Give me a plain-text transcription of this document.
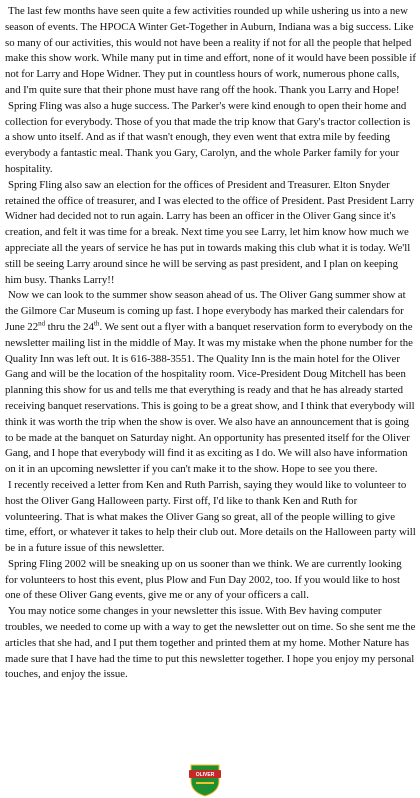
The last few months have seen quite a few activities rounded up while ushering us into a new season of events. The HPOCA Winter Get-Together in Auburn, Indiana was a big success. Like so many of our activities, this would not have been a reality if not for all the people that helped make this show work. While many put in time and effort, none of it would have been possible if not for Larry and Hope Widner. They put in countless hours of work, numerous phone calls, and I'm quite sure that their phone must have rang off the hook. Thank you Larry and Hope!

Spring Fling was also a huge success. The Parker's were kind enough to open their home and collection for everybody. Those of you that made the trip know that Gary's tractor collection is a show unto itself. And as if that wasn't enough, they even went that extra mile by feeding everybody a fantastic meal. Thank you Gary, Carolyn, and the whole Parker family for your hospitality.

Spring Fling also saw an election for the offices of President and Treasurer. Elton Snyder retained the office of treasurer, and I was elected to the office of President. Past President Larry Widner had decided not to run again. Larry has been an officer in the Oliver Gang since it's creation, and felt it was time for a break. Next time you see Larry, let him know how much we appreciate all the years of service he has put in towards making this club what it is today. We'll still be seeing Larry around since he will be serving as past president, and I plan on keeping him busy. Thanks Larry!!

Now we can look to the summer show season ahead of us. The Oliver Gang summer show at the Gilmore Car Museum is coming up fast. I hope everybody has marked their calendars for June 22nd thru the 24th. We sent out a flyer with a banquet reservation form to everybody on the newsletter mailing list in the middle of May. It was my mistake when the phone number for the Quality Inn was left out. It is 616-388-3551. The Quality Inn is the main hotel for the Oliver Gang and will be the location of the hospitality room. Vice-President Doug Mitchell has been planning this show for us and tells me that everything is ready and that he has already started receiving banquet reservations. This is going to be a great show, and I think that everybody will think it was worth the trip when the show is over. We also have an announcement that is going to be made at the banquet on Saturday night. An opportunity has presented itself for the Oliver Gang, and I hope that everybody will find it as exciting as I do. We will also have information on it in an upcoming newsletter if you can't make it to the show. Hope to see you there.

I recently received a letter from Ken and Ruth Parrish, saying they would like to volunteer to host the Oliver Gang Halloween party. First off, I'd like to thank Ken and Ruth for volunteering. That is what makes the Oliver Gang so great, all of the people willing to give time, effort, or whatever it takes to help their club out. More details on the Halloween party will be in a future issue of this newsletter.

Spring Fling 2002 will be sneaking up on us sooner than we think. We are currently looking for volunteers to host this event, plus Plow and Fun Day 2002, too. If you would like to host one of these Oliver Gang events, give me or any of your officers a call.

You may notice some changes in your newsletter this issue. With Bev having computer troubles, we needed to come up with a way to get the newsletter out on time. So she sent me the articles that she had, and I put them together and printed them at my home. Mother Nature has made sure that I have had the time to put this newsletter together. I hope you enjoy my personal touches, and enjoy the issue.

OLIVER
